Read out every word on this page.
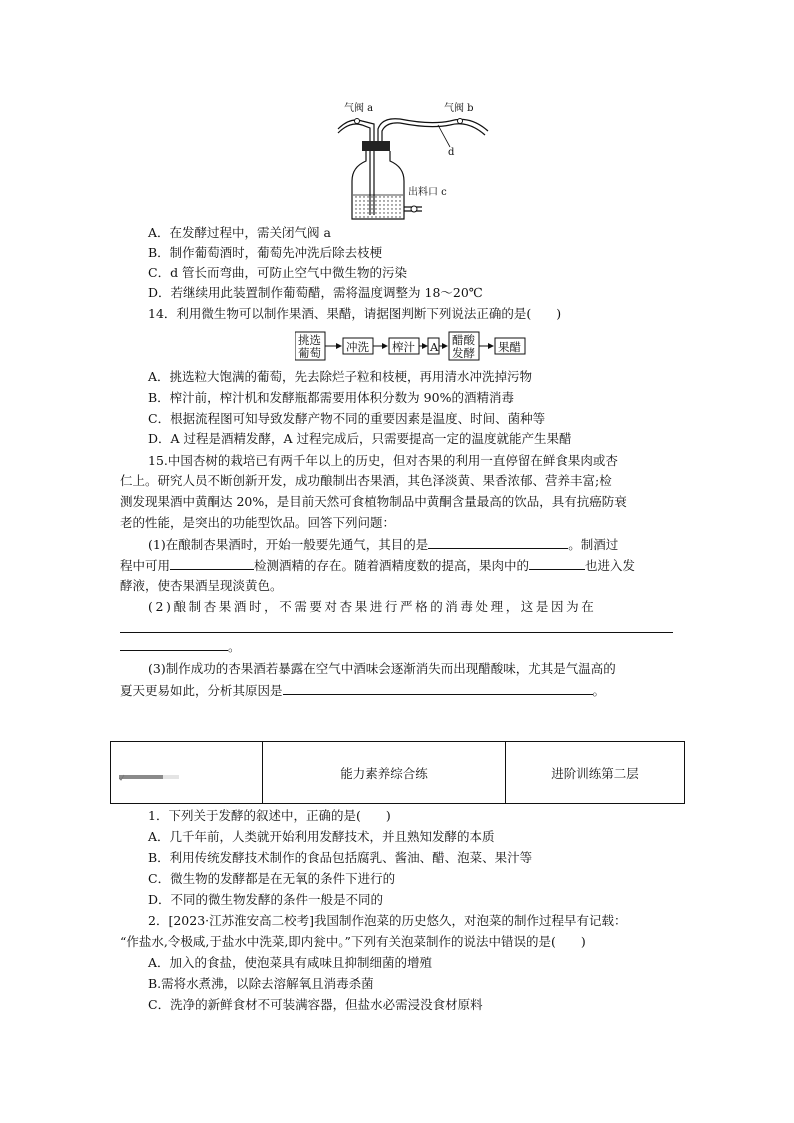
气阀 a	气阀 b
d
出料口 c
A．在发酵过程中，需关闭气阀 a
B．制作葡萄酒时，葡萄先冲洗后除去枝梗
C．d 管长而弯曲，可防止空气中微生物的污染
D．若继续用此装置制作葡萄醋，需将温度调整为 18～20℃
14．利用微生物可以制作果酒、果醋，请据图判断下列说法正确的是(　　)
挑选
葡萄 冲洗 榨汁 A 醋酸
发酵 果醋
A．挑选粒大饱满的葡萄，先去除烂子粒和枝梗，再用清水冲洗掉污物
B．榨汁前，榨汁机和发酵瓶都需要用体积分数为 90%的酒精消毒
C．根据流程图可知导致发酵产物不同的重要因素是温度、时间、菌种等
D．A 过程是酒精发酵，A 过程完成后，只需要提高一定的温度就能产生果醋
15.中国杏树的栽培已有两千年以上的历史，但对杏果的利用一直停留在鲜食果肉或杏
仁上。研究人员不断创新开发，成功酿制出杏果酒，其色泽淡黄、果香浓郁、营养丰富;检
测发现果酒中黄酮达 20%，是目前天然可食植物制品中黄酮含量最高的饮品，具有抗癌防衰
老的性能，是突出的功能型饮品。回答下列问题：
(1)在酿制杏果酒时，开始一般要先通气，其目的是	。制酒过
程中可用	检测酒精的存在。随着酒精度数的提高，果肉中的	也进入发
酵液，使杏果酒呈现淡黄色。
(2)酿制杏果酒时，不需要对杏果进行严格的消毒处理，这是因为在
。
(3)制作成功的杏果酒若暴露在空气中酒味会逐渐消失而出现醋酸味，尤其是气温高的
夏天更易如此，分析其原因是	。
能力素养综合练	进阶训练第二层
1．下列关于发酵的叙述中，正确的是(　　)
A．几千年前，人类就开始利用发酵技术，并且熟知发酵的本质
B．利用传统发酵技术制作的食品包括腐乳、酱油、醋、泡菜、果汁等
C．微生物的发酵都是在无氧的条件下进行的
D．不同的微生物发酵的条件一般是不同的
2．[2023·江苏淮安高二校考]我国制作泡菜的历史悠久，对泡菜的制作过程早有记载：
“作盐水,令极咸,于盐水中洗菜,即内瓮中。”下列有关泡菜制作的说法中错误的是(　　)
A．加入的食盐，使泡菜具有咸味且抑制细菌的增殖
B.需将水煮沸，以除去溶解氧且消毒杀菌
C．洗净的新鲜食材不可装满容器，但盐水必需浸没食材原料
